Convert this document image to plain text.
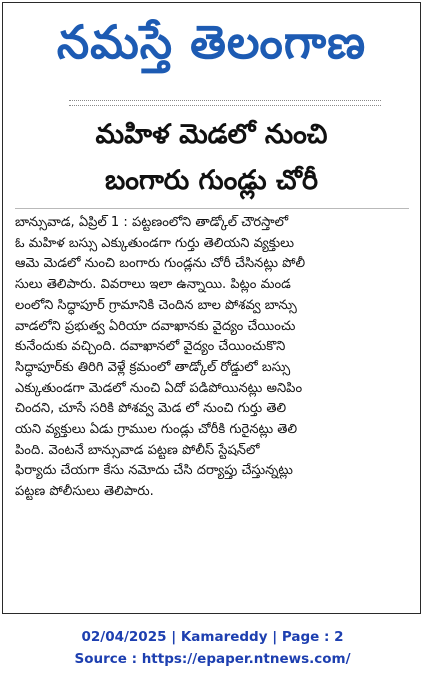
నమస్తే తెలంగాణ
మహిళ మెడలో నుంచి
బంగారు గుండ్లు చోరీ
బాన్సువాడ, ఏప్రిల్ 1 : పట్టణంలోని తాడ్కోల్ చౌరస్తాలో
ఓ మహిళ బస్సు ఎక్కుతుండగా గుర్తు తెలియని వ్యక్తులు
ఆమె మెడలో నుంచి బంగారు గుండ్లను చోరీ చేసినట్లు పోలీ
సులు తెలిపారు. వివరాలు ఇలా ఉన్నాయి. పిట్లం మండ
లంలోని సిద్ధాపూర్ గ్రామానికి చెందిన బాల పోశవ్వ బాన్సు
వాడలోని ప్రభుత్వ ఏరియా దవాఖానకు వైద్యం చేయించు
కునేందుకు వచ్చింది. దవాఖానలో వైద్యం చేయించుకొని
సిద్ధాపూర్‌కు తిరిగి వెళ్లే క్రమంలో తాడ్కోల్ రోడ్డులో బస్సు
ఎక్కుతుండగా మెడలో నుంచి ఏదో పడిపోయినట్లు అనిపిం
చిందని, చూసే సరికి పోశవ్వ మెడ లో నుంచి గుర్తు తెలి
యని వ్యక్తులు ఏడు గ్రాముల గుండ్లు చోరీకి గురైనట్లు తెలి
పింది. వెంటనే బాన్సువాడ పట్టణ పోలీస్ స్టేషన్‌లో
ఫిర్యాదు చేయగా కేసు నమోదు చేసి దర్యాప్తు చేస్తున్నట్లు
పట్టణ పోలీసులు తెలిపారు.
02/04/2025 | Kamareddy | Page : 2
Source : https://epaper.ntnews.com/
